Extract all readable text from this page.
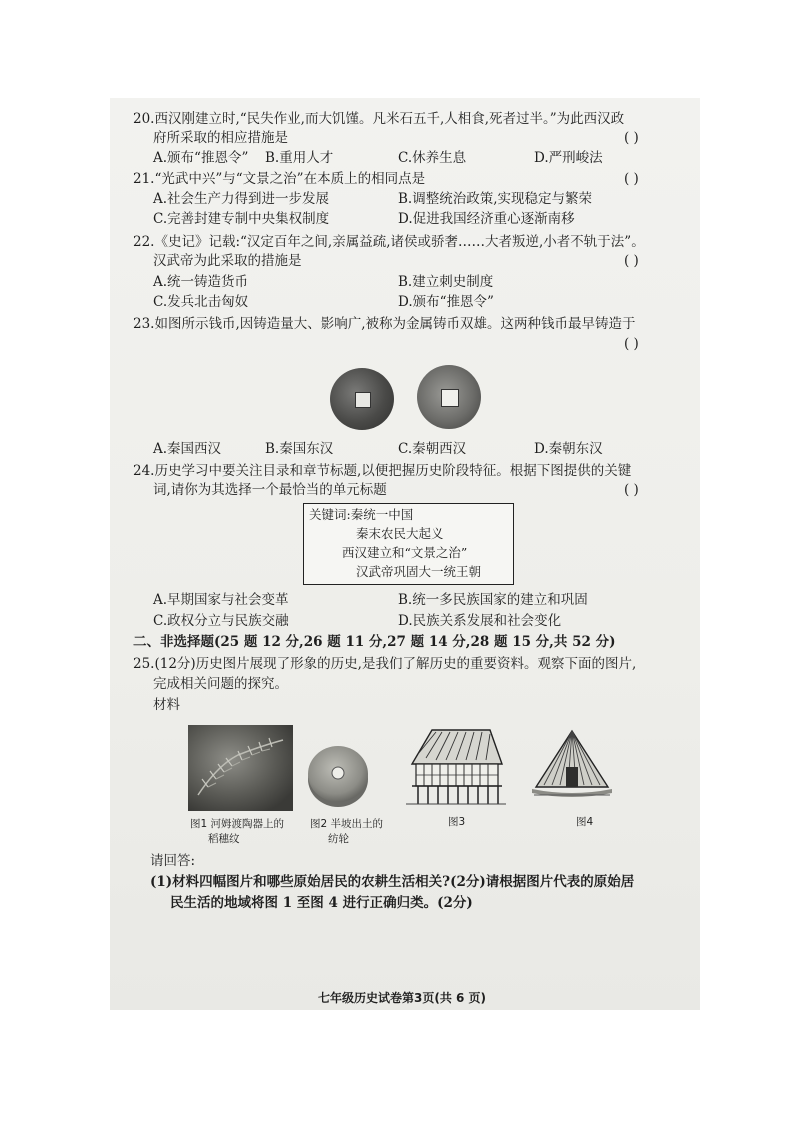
20.西汉刚建立时,“民失作业,而大饥馑。凡米石五千,人相食,死者过半。”为此西汉政
府所采取的相应措施是	( )
A.颁布“推恩令” B.重用人才	C.休养生息	D.严刑峻法
21.“光武中兴”与“文景之治”在本质上的相同点是	( )
A.社会生产力得到进一步发展	B.调整统治政策,实现稳定与繁荣
C.完善封建专制中央集权制度	D.促进我国经济重心逐渐南移
22.《史记》记载:“汉定百年之间,亲属益疏,诸侯或骄奢……大者叛逆,小者不轨于法”。
汉武帝为此采取的措施是	( )
A.统一铸造货币	B.建立刺史制度
C.发兵北击匈奴	D.颁布“推恩令”
23.如图所示钱币,因铸造量大、影响广,被称为金属铸币双雄。这两种钱币最早铸造于
( )
A.秦国西汉	B.秦国东汉	C.秦朝西汉	D.秦朝东汉
24.历史学习中要关注目录和章节标题,以便把握历史阶段特征。根据下图提供的关键
词,请你为其选择一个最恰当的单元标题	( )
关键词:秦统一中国
秦末农民大起义
西汉建立和“文景之治”
汉武帝巩固大一统王朝
A.早期国家与社会变革	B.统一多民族国家的建立和巩固
C.政权分立与民族交融	D.民族关系发展和社会变化
二、非选择题(25 题 12 分,26 题 11 分,27 题 14 分,28 题 15 分,共 52 分)
25.(12分)历史图片展现了形象的历史,是我们了解历史的重要资料。观察下面的图片,
完成相关问题的探究。
材料
图1 河姆渡陶器上的
稻穗纹
图2 半坡出土的
纺轮
图3	图4
请回答:
(1)材料四幅图片和哪些原始居民的农耕生活相关?(2分)请根据图片代表的原始居
民生活的地域将图 1 至图 4 进行正确归类。(2分)
七年级历史试卷第3页(共 6 页)
